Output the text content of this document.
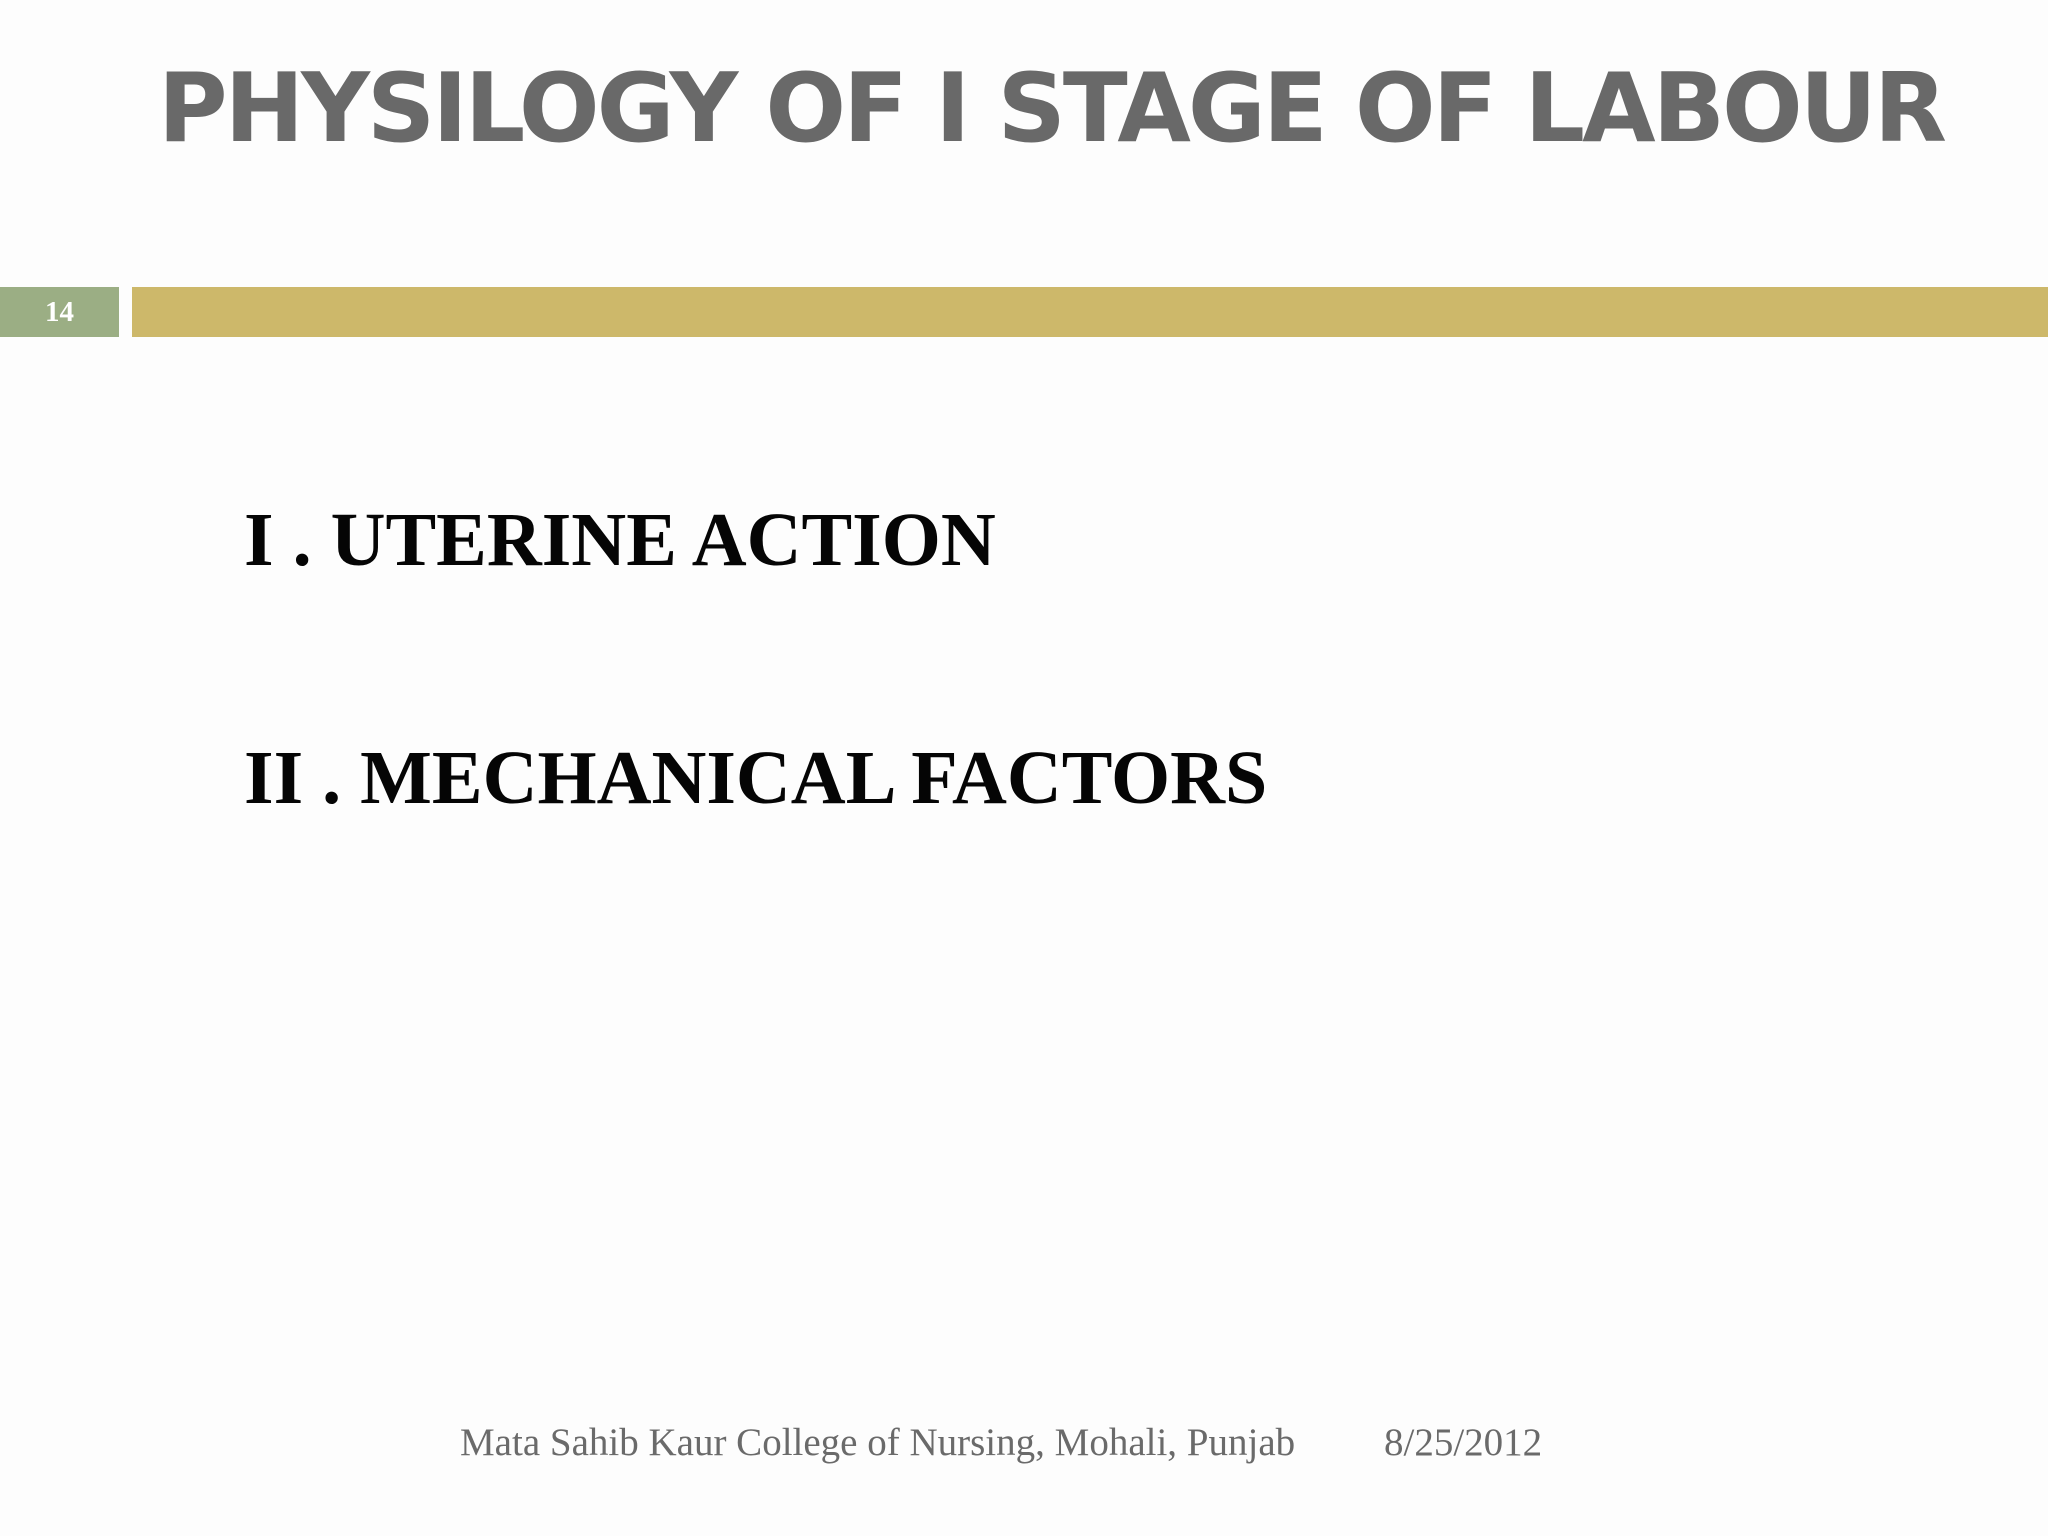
PHYSILOGY OF I STAGE OF LABOUR
14

I . UTERINE ACTION

II . MECHANICAL FACTORS

Mata Sahib Kaur College of Nursing, Mohali, Punjab 8/25/2012
